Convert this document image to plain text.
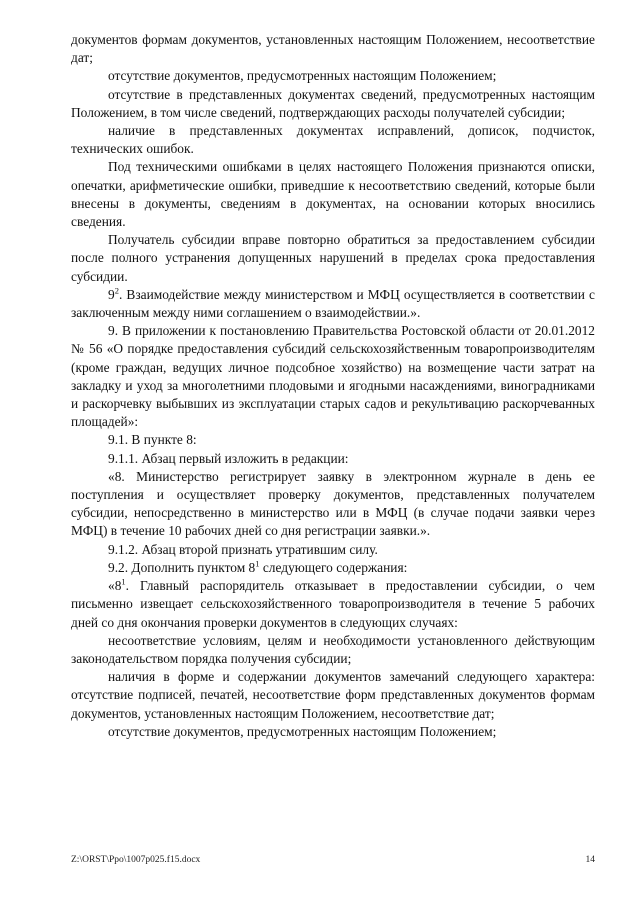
документов формам документов, установленных настоящим Положением, несоответствие дат;

отсутствие документов, предусмотренных настоящим Положением;

отсутствие в представленных документах сведений, предусмотренных настоящим Положением, в том числе сведений, подтверждающих расходы получателей субсидии;

наличие в представленных документах исправлений, дописок, подчисток, технических ошибок.

Под техническими ошибками в целях настоящего Положения признаются описки, опечатки, арифметические ошибки, приведшие к несоответствию сведений, которые были внесены в документы, сведениям в документах, на основании которых вносились сведения.

Получатель субсидии вправе повторно обратиться за предоставлением субсидии после полного устранения допущенных нарушений в пределах срока предоставления субсидии.

$9^2$. Взаимодействие между министерством и МФЦ осуществляется в соответствии с заключенным между ними соглашением о взаимодействии.».

9. В приложении к постановлению Правительства Ростовской области от 20.01.2012 № 56 «О порядке предоставления субсидий сельскохозяйственным товаропроизводителям (кроме граждан, ведущих личное подсобное хозяйство) на возмещение части затрат на закладку и уход за многолетними плодовыми и ягодными насаждениями, виноградниками и раскорчевку выбывших из эксплуатации старых садов и рекультивацию раскорчеванных площадей»:

9.1. В пункте 8:

9.1.1. Абзац первый изложить в редакции:

«8. Министерство регистрирует заявку в электронном журнале в день ее поступления и осуществляет проверку документов, представленных получателем субсидии, непосредственно в министерство или в МФЦ (в случае подачи заявки через МФЦ) в течение 10 рабочих дней со дня регистрации заявки.».

9.1.2. Абзац второй признать утратившим силу.

9.2. Дополнить пунктом $8^1$ следующего содержания:

«$8^1$. Главный распорядитель отказывает в предоставлении субсидии, о чем письменно извещает сельскохозяйственного товаропроизводителя в течение 5 рабочих дней со дня окончания проверки документов в следующих случаях:

несоответствие условиям, целям и необходимости установленного действующим законодательством порядка получения субсидии;

наличия в форме и содержании документов замечаний следующего характера: отсутствие подписей, печатей, несоответствие форм представленных документов формам документов, установленных настоящим Положением, несоответствие дат;

отсутствие документов, предусмотренных настоящим Положением;

Z:\ORST\Ppo\1007p025.f15.docx	14
